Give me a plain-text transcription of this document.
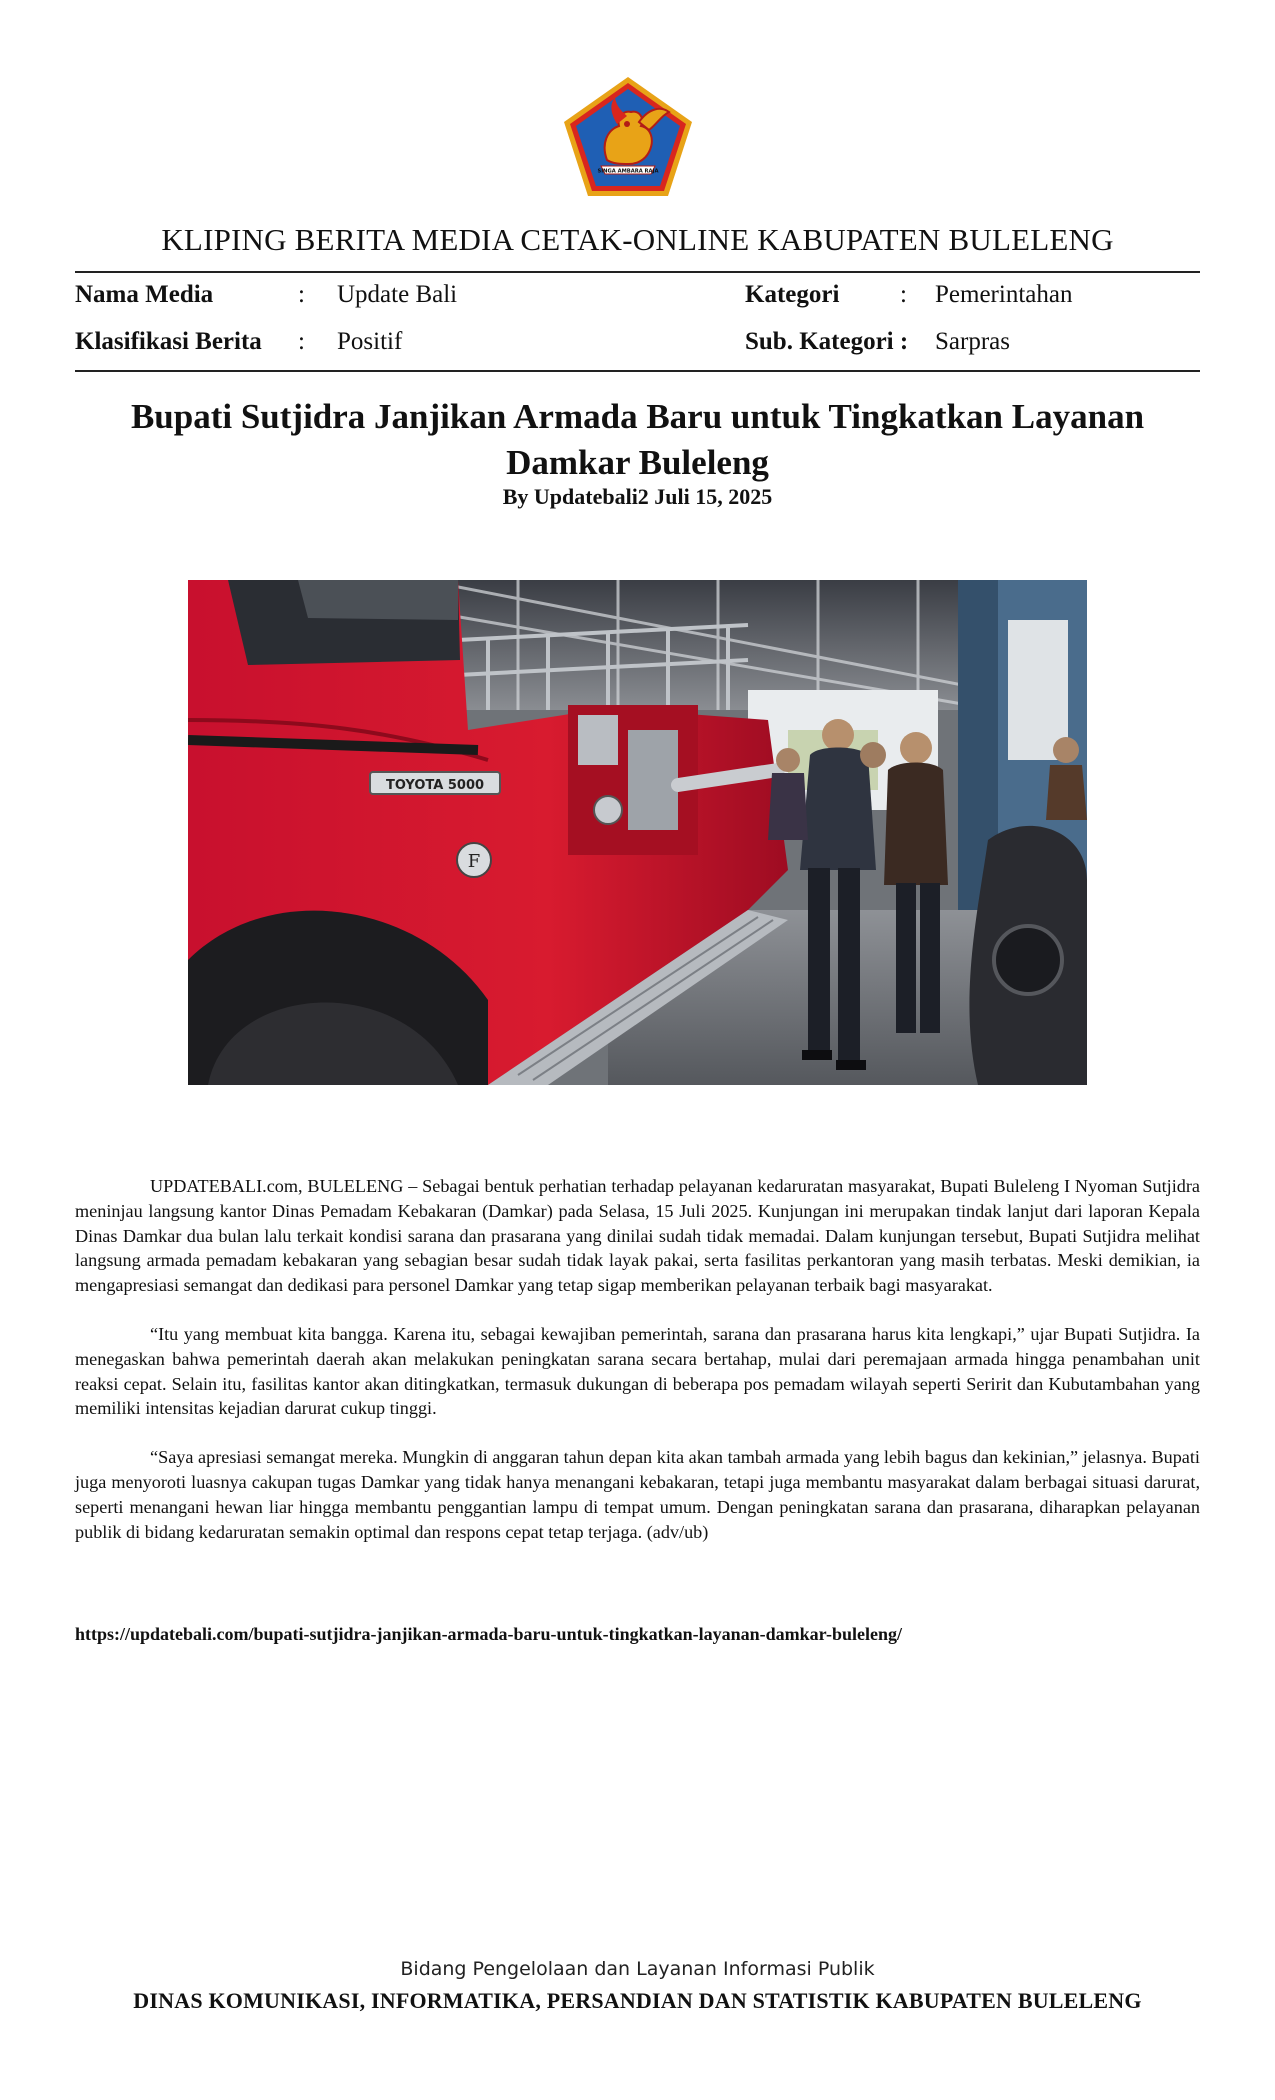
SINGA AMBARA RAJA
KLIPING BERITA MEDIA CETAK-ONLINE KABUPATEN BULELENG
Nama Media	: Update Bali	Kategori : Pemerintahan
Klasifikasi Berita : Positif	Sub. Kategori : Sarpras
Bupati Sutjidra Janjikan Armada Baru untuk Tingkatkan Layanan Damkar Buleleng
By Updatebali2 Juli 15, 2025
TOYOTA 5000
F

UPDATEBALI.com, BULELENG – Sebagai bentuk perhatian terhadap pelayanan kedaruratan masyarakat, Bupati Buleleng I Nyoman Sutjidra meninjau langsung kantor Dinas Pemadam Kebakaran (Damkar) pada Selasa, 15 Juli 2025. Kunjungan ini merupakan tindak lanjut dari laporan Kepala Dinas Damkar dua bulan lalu terkait kondisi sarana dan prasarana yang dinilai sudah tidak memadai. Dalam kunjungan tersebut, Bupati Sutjidra melihat langsung armada pemadam kebakaran yang sebagian besar sudah tidak layak pakai, serta fasilitas perkantoran yang masih terbatas. Meski demikian, ia mengapresiasi semangat dan dedikasi para personel Damkar yang tetap sigap memberikan pelayanan terbaik bagi masyarakat.

“Itu yang membuat kita bangga. Karena itu, sebagai kewajiban pemerintah, sarana dan prasarana harus kita lengkapi,” ujar Bupati Sutjidra. Ia menegaskan bahwa pemerintah daerah akan melakukan peningkatan sarana secara bertahap, mulai dari peremajaan armada hingga penambahan unit reaksi cepat. Selain itu, fasilitas kantor akan ditingkatkan, termasuk dukungan di beberapa pos pemadam wilayah seperti Seririt dan Kubutambahan yang memiliki intensitas kejadian darurat cukup tinggi.

“Saya apresiasi semangat mereka. Mungkin di anggaran tahun depan kita akan tambah armada yang lebih bagus dan kekinian,” jelasnya. Bupati juga menyoroti luasnya cakupan tugas Damkar yang tidak hanya menangani kebakaran, tetapi juga membantu masyarakat dalam berbagai situasi darurat, seperti menangani hewan liar hingga membantu penggantian lampu di tempat umum. Dengan peningkatan sarana dan prasarana, diharapkan pelayanan publik di bidang kedaruratan semakin optimal dan respons cepat tetap terjaga. (adv/ub)

https://updatebali.com/bupati-sutjidra-janjikan-armada-baru-untuk-tingkatkan-layanan-damkar-buleleng/
Bidang Pengelolaan dan Layanan Informasi Publik
DINAS KOMUNIKASI, INFORMATIKA, PERSANDIAN DAN STATISTIK KABUPATEN BULELENG
